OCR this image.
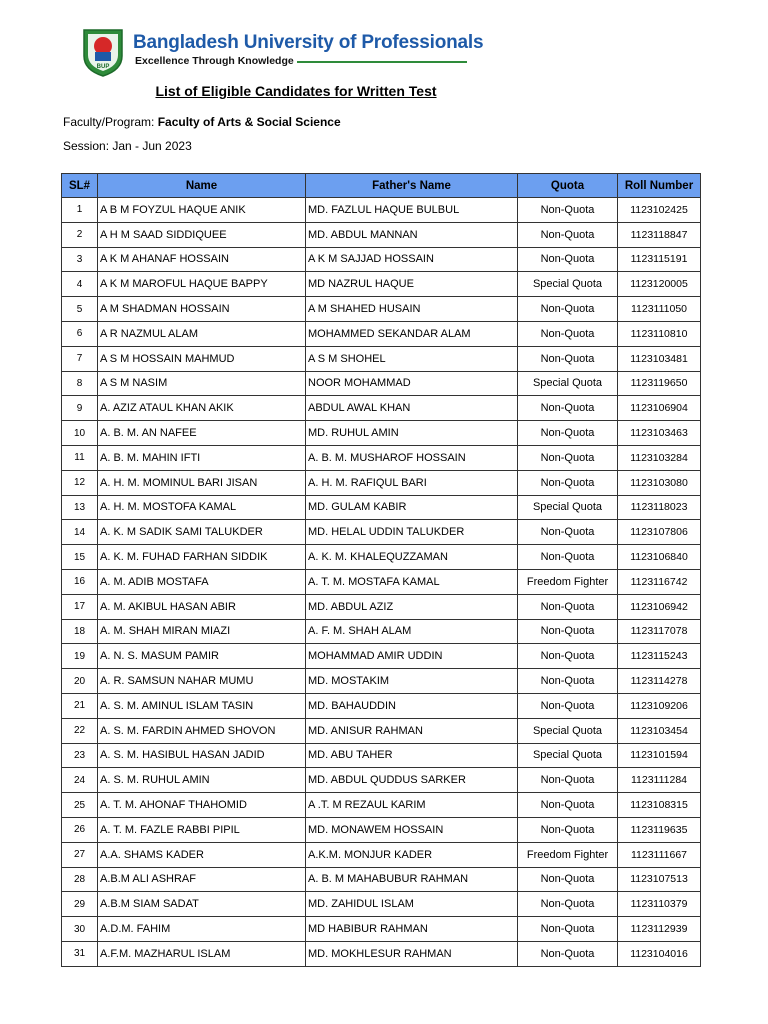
BUP
Bangladesh University of Professionals
Excellence Through Knowledge
List of Eligible Candidates for Written Test
Faculty/Program: Faculty of Arts & Social Science
Session: Jan - Jun 2023
SL#	Name	Father's Name	Quota	Roll Number
1	A B M FOYZUL HAQUE ANIK	MD. FAZLUL HAQUE BULBUL	Non-Quota	1123102425
2	A H M SAAD SIDDIQUEE	MD. ABDUL MANNAN	Non-Quota	1123118847
3	A K M AHANAF HOSSAIN	A K M SAJJAD HOSSAIN	Non-Quota	1123115191
4	A K M MAROFUL HAQUE BAPPY	MD NAZRUL HAQUE	Special Quota	1123120005
5	A M SHADMAN HOSSAIN	A M SHAHED HUSAIN	Non-Quota	1123111050
6	A R NAZMUL ALAM	MOHAMMED SEKANDAR ALAM	Non-Quota	1123110810
7	A S M HOSSAIN MAHMUD	A S M SHOHEL	Non-Quota	1123103481
8	A S M NASIM	NOOR MOHAMMAD	Special Quota	1123119650
9	A. AZIZ ATAUL KHAN AKIK	ABDUL AWAL KHAN	Non-Quota	1123106904
10	A. B. M. AN NAFEE	MD. RUHUL AMIN	Non-Quota	1123103463
11	A. B. M. MAHIN IFTI	A. B. M. MUSHAROF HOSSAIN	Non-Quota	1123103284
12	A. H. M. MOMINUL BARI JISAN	A. H. M. RAFIQUL BARI	Non-Quota	1123103080
13	A. H. M. MOSTOFA KAMAL	MD. GULAM KABIR	Special Quota	1123118023
14	A. K. M SADIK SAMI TALUKDER	MD. HELAL UDDIN TALUKDER	Non-Quota	1123107806
15	A. K. M. FUHAD FARHAN SIDDIK	A. K. M. KHALEQUZZAMAN	Non-Quota	1123106840
16	A. M. ADIB MOSTAFA	A. T. M. MOSTAFA KAMAL	Freedom Fighter	1123116742
17	A. M. AKIBUL HASAN ABIR	MD. ABDUL AZIZ	Non-Quota	1123106942
18	A. M. SHAH MIRAN MIAZI	A. F. M. SHAH ALAM	Non-Quota	1123117078
19	A. N. S. MASUM PAMIR	MOHAMMAD AMIR UDDIN	Non-Quota	1123115243
20	A. R. SAMSUN NAHAR MUMU	MD. MOSTAKIM	Non-Quota	1123114278
21	A. S. M. AMINUL ISLAM TASIN	MD. BAHAUDDIN	Non-Quota	1123109206
22	A. S. M. FARDIN AHMED SHOVON	MD. ANISUR RAHMAN	Special Quota	1123103454
23	A. S. M. HASIBUL HASAN JADID	MD. ABU TAHER	Special Quota	1123101594
24	A. S. M. RUHUL AMIN	MD. ABDUL QUDDUS SARKER	Non-Quota	1123111284
25	A. T. M. AHONAF THAHOMID	A .T. M REZAUL KARIM	Non-Quota	1123108315
26	A. T. M. FAZLE RABBI PIPIL	MD. MONAWEM HOSSAIN	Non-Quota	1123119635
27	A.A. SHAMS KADER	A.K.M. MONJUR KADER	Freedom Fighter	1123111667
28	A.B.M ALI ASHRAF	A. B. M MAHABUBUR RAHMAN	Non-Quota	1123107513
29	A.B.M SIAM SADAT	MD. ZAHIDUL ISLAM	Non-Quota	1123110379
30	A.D.M. FAHIM	MD HABIBUR RAHMAN	Non-Quota	1123112939
31	A.F.M. MAZHARUL ISLAM	MD. MOKHLESUR RAHMAN	Non-Quota	1123104016
